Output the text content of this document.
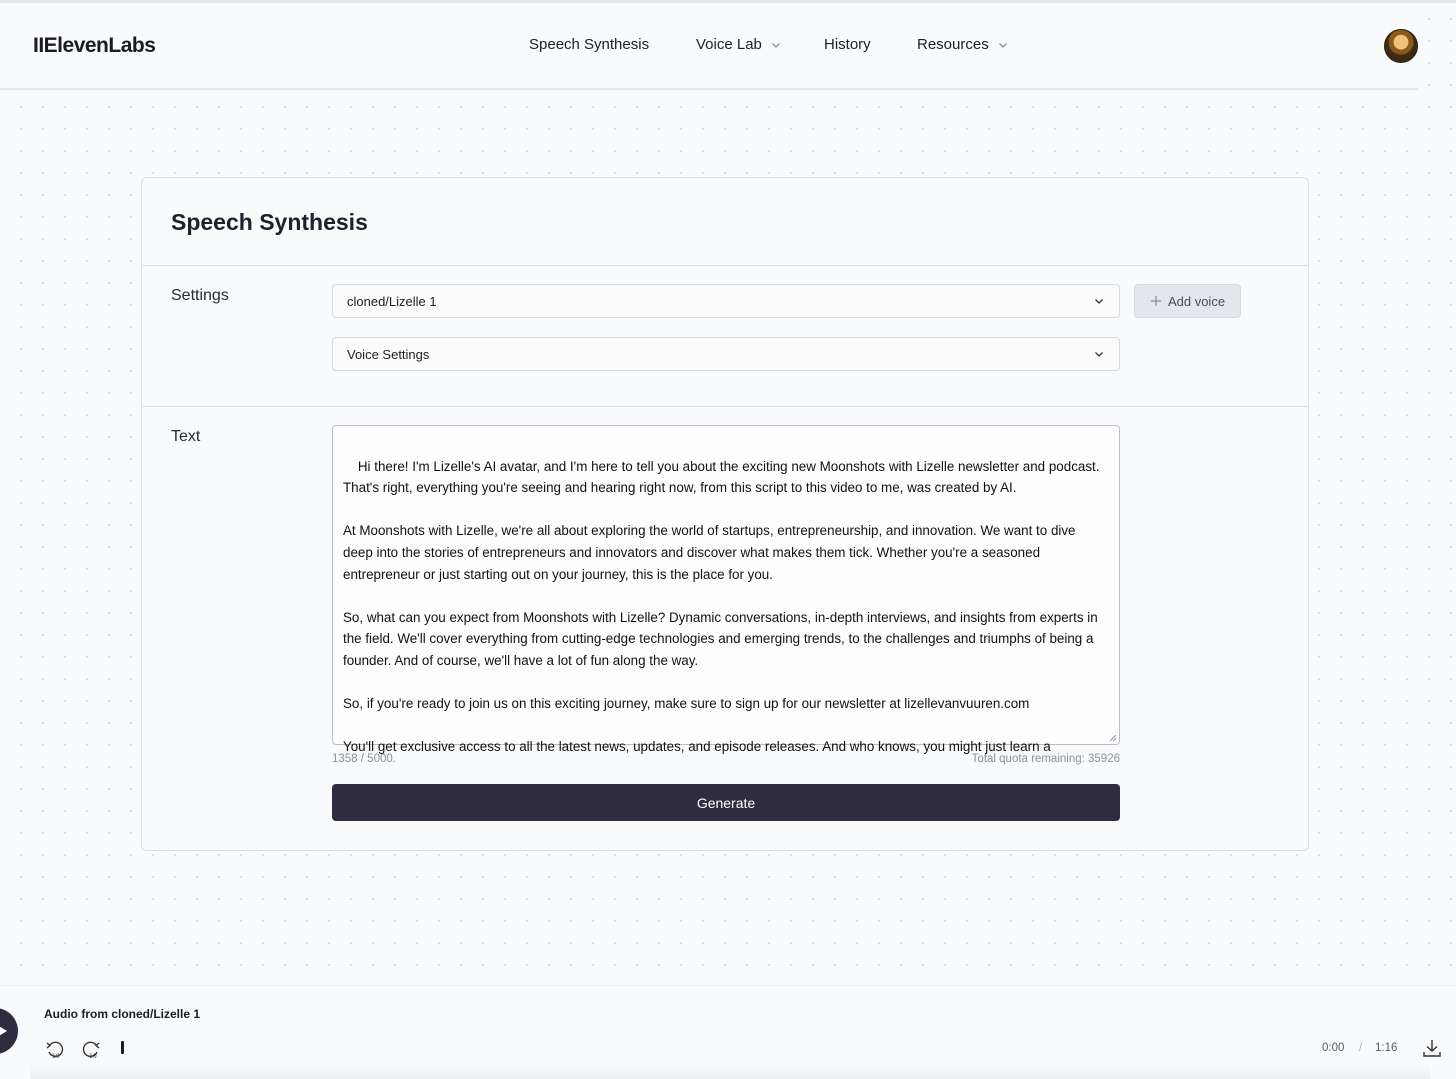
IIElevenLabs	Speech Synthesis	Voice Lab	History	Resources
Speech Synthesis
Settings	cloned/Lizelle 1	Add voice
Voice Settings
Text

Hi there! I'm Lizelle's AI avatar, and I'm here to tell you about the exciting new Moonshots with Lizelle newsletter and podcast. That's right, everything you're seeing and hearing right now, from this script to this video to me, was created by AI.

At Moonshots with Lizelle, we're all about exploring the world of startups, entrepreneurship, and innovation. We want to dive deep into the stories of entrepreneurs and innovators and discover what makes them tick. Whether you're a seasoned entrepreneur or just starting out on your journey, this is the place for you.

So, what can you expect from Moonshots with Lizelle? Dynamic conversations, in-depth interviews, and insights from experts in the field. We'll cover everything from cutting-edge technologies and emerging trends, to the challenges and triumphs of being a founder. And of course, we'll have a lot of fun along the way.

So, if you're ready to join us on this exciting journey, make sure to sign up for our newsletter at lizellevanvuuren.com

You'll get exclusive access to all the latest news, updates, and episode releases. And who knows, you might just learn a

1358 / 5000.	Total quota remaining: 35926
Generate
Audio from cloned/Lizelle 1
10	10
0:00 / 1:16
